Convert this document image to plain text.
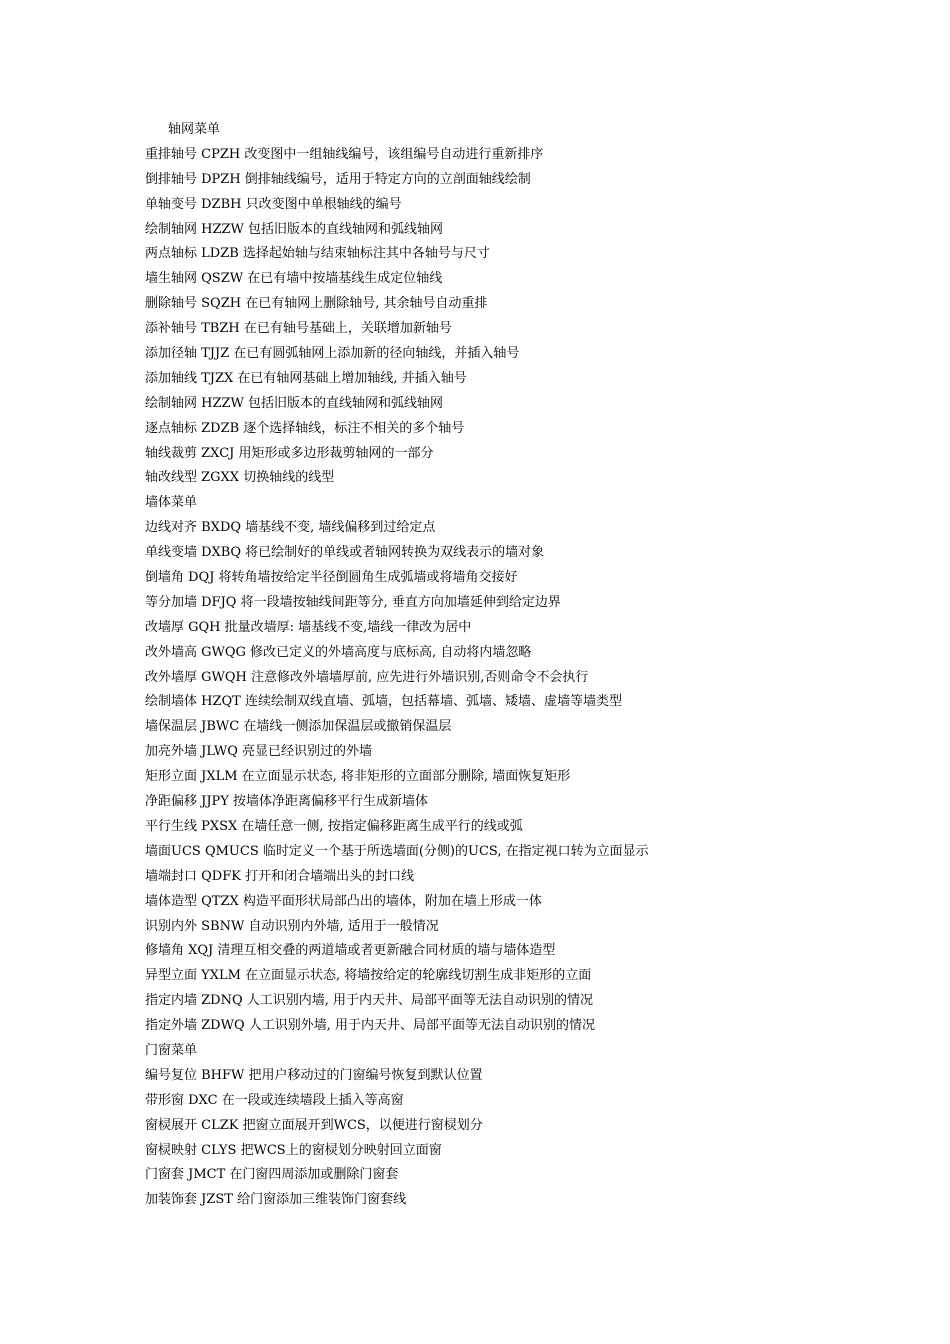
轴网菜单
重排轴号 CPZH 改变图中一组轴线编号，该组编号自动进行重新排序
倒排轴号 DPZH 倒排轴线编号，适用于特定方向的立剖面轴线绘制
单轴变号 DZBH 只改变图中单根轴线的编号
绘制轴网 HZZW 包括旧版本的直线轴网和弧线轴网
两点轴标 LDZB 选择起始轴与结束轴标注其中各轴号与尺寸
墙生轴网 QSZW 在已有墙中按墙基线生成定位轴线
删除轴号 SQZH 在已有轴网上删除轴号, 其余轴号自动重排
添补轴号 TBZH 在已有轴号基础上，关联增加新轴号
添加径轴 TJJZ 在已有圆弧轴网上添加新的径向轴线，并插入轴号
添加轴线 TJZX 在已有轴网基础上增加轴线, 并插入轴号
绘制轴网 HZZW 包括旧版本的直线轴网和弧线轴网
逐点轴标 ZDZB 逐个选择轴线，标注不相关的多个轴号
轴线裁剪 ZXCJ 用矩形或多边形裁剪轴网的一部分
轴改线型 ZGXX 切换轴线的线型
墙体菜单
边线对齐 BXDQ 墙基线不变, 墙线偏移到过给定点
单线变墙 DXBQ 将已绘制好的单线或者轴网转换为双线表示的墙对象
倒墙角 DQJ 将转角墙按给定半径倒圆角生成弧墙或将墙角交接好
等分加墙 DFJQ 将一段墙按轴线间距等分, 垂直方向加墙延伸到给定边界
改墙厚 GQH 批量改墙厚: 墙基线不变,墙线一律改为居中
改外墙高 GWQG 修改已定义的外墙高度与底标高, 自动将内墙忽略
改外墙厚 GWQH 注意修改外墙墙厚前, 应先进行外墙识别,否则命令不会执行
绘制墙体 HZQT 连续绘制双线直墙、弧墙，包括幕墙、弧墙、矮墙、虚墙等墙类型
墙保温层 JBWC 在墙线一侧添加保温层或撤销保温层
加亮外墙 JLWQ 亮显已经识别过的外墙
矩形立面 JXLM 在立面显示状态, 将非矩形的立面部分删除, 墙面恢复矩形
净距偏移 JJPY 按墙体净距离偏移平行生成新墙体
平行生线 PXSX 在墙任意一侧, 按指定偏移距离生成平行的线或弧
墙面UCS QMUCS 临时定义一个基于所选墙面(分侧)的UCS, 在指定视口转为立面显示
墙端封口 QDFK 打开和闭合墙端出头的封口线
墙体造型 QTZX 构造平面形状局部凸出的墙体，附加在墙上形成一体
识别内外 SBNW 自动识别内外墙, 适用于一般情况
修墙角 XQJ 清理互相交叠的两道墙或者更新融合同材质的墙与墙体造型
异型立面 YXLM 在立面显示状态, 将墙按给定的轮廓线切割生成非矩形的立面
指定内墙 ZDNQ 人工识别内墙, 用于内天井、局部平面等无法自动识别的情况
指定外墙 ZDWQ 人工识别外墙, 用于内天井、局部平面等无法自动识别的情况
门窗菜单
编号复位 BHFW 把用户移动过的门窗编号恢复到默认位置
带形窗 DXC 在一段或连续墙段上插入等高窗
窗棂展开 CLZK 把窗立面展开到WCS，以便进行窗棂划分
窗棂映射 CLYS 把WCS上的窗棂划分映射回立面窗
门窗套 JMCT 在门窗四周添加或删除门窗套
加装饰套 JZST 给门窗添加三维装饰门窗套线
